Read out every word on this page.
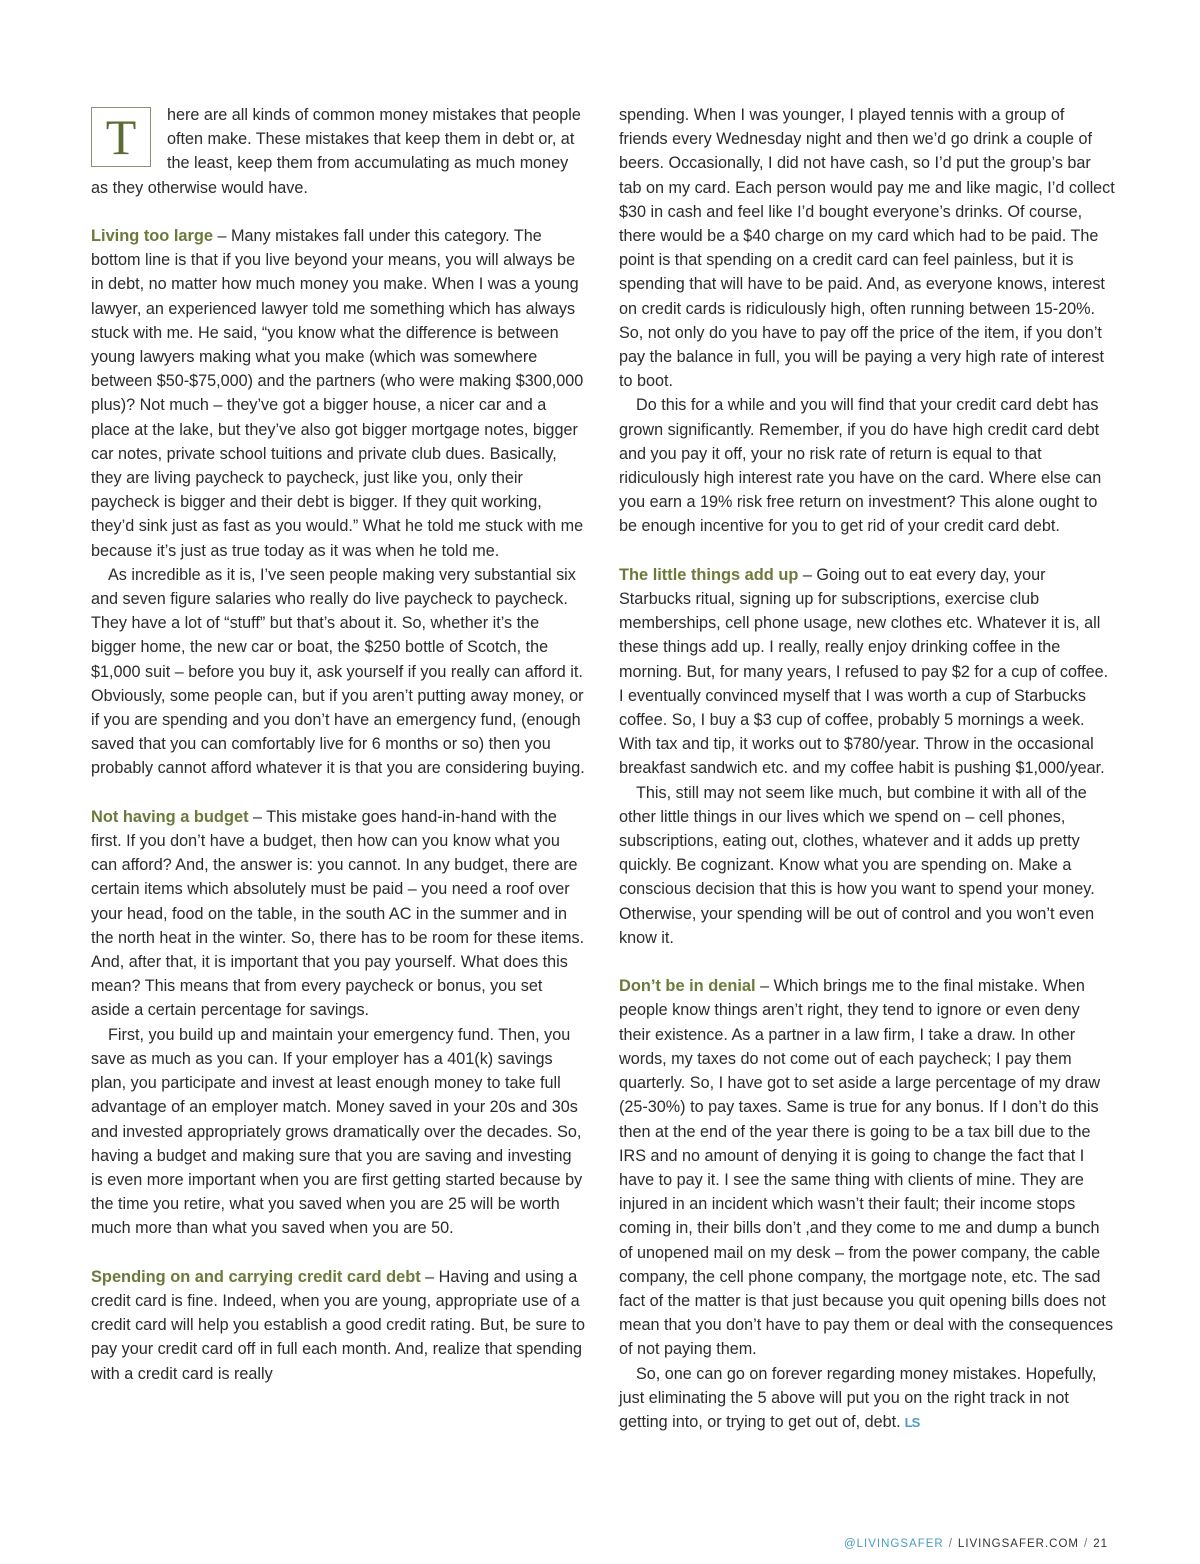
T here are all kinds of common money mistakes that people often make. These mistakes that keep them in debt or, at the least, keep them from accumulating as much money as they otherwise would have.

Living too large – Many mistakes fall under this category. The bottom line is that if you live beyond your means, you will always be in debt, no matter how much money you make. When I was a young lawyer, an experienced lawyer told me something which has always stuck with me. He said, “you know what the difference is between young lawyers making what you make (which was somewhere between $50-$75,000) and the partners (who were making $300,000 plus)? Not much – they’ve got a bigger house, a nicer car and a place at the lake, but they’ve also got bigger mortgage notes, bigger car notes, private school tuitions and private club dues. Basically, they are living paycheck to paycheck, just like you, only their paycheck is bigger and their debt is bigger. If they quit working, they’d sink just as fast as you would.” What he told me stuck with me because it’s just as true today as it was when he told me.

As incredible as it is, I’ve seen people making very substantial six and seven figure salaries who really do live paycheck to paycheck. They have a lot of “stuff” but that’s about it. So, whether it’s the bigger home, the new car or boat, the $250 bottle of Scotch, the $1,000 suit – before you buy it, ask yourself if you really can afford it. Obviously, some people can, but if you aren’t putting away money, or if you are spending and you don’t have an emergency fund, (enough saved that you can comfortably live for 6 months or so) then you probably cannot afford whatever it is that you are considering buying.

Not having a budget – This mistake goes hand-in-hand with the first. If you don’t have a budget, then how can you know what you can afford? And, the answer is: you cannot. In any budget, there are certain items which absolutely must be paid – you need a roof over your head, food on the table, in the south AC in the summer and in the north heat in the winter. So, there has to be room for these items. And, after that, it is important that you pay yourself. What does this mean? This means that from every paycheck or bonus, you set aside a certain percentage for savings.

First, you build up and maintain your emergency fund. Then, you save as much as you can. If your employer has a 401(k) savings plan, you participate and invest at least enough money to take full advantage of an employer match. Money saved in your 20s and 30s and invested appropriately grows dramatically over the decades. So, having a budget and making sure that you are saving and investing is even more important when you are first getting started because by the time you retire, what you saved when you are 25 will be worth much more than what you saved when you are 50.

Spending on and carrying credit card debt – Having and using a credit card is fine. Indeed, when you are young, appropriate use of a credit card will help you establish a good credit rating. But, be sure to pay your credit card off in full each month. And, realize that spending with a credit card is really

spending. When I was younger, I played tennis with a group of friends every Wednesday night and then we’d go drink a couple of beers. Occasionally, I did not have cash, so I’d put the group’s bar tab on my card. Each person would pay me and like magic, I’d collect $30 in cash and feel like I’d bought everyone’s drinks. Of course, there would be a $40 charge on my card which had to be paid. The point is that spending on a credit card can feel painless, but it is spending that will have to be paid. And, as everyone knows, interest on credit cards is ridiculously high, often running between 15-20%. So, not only do you have to pay off the price of the item, if you don’t pay the balance in full, you will be paying a very high rate of interest to boot.

Do this for a while and you will find that your credit card debt has grown significantly. Remember, if you do have high credit card debt and you pay it off, your no risk rate of return is equal to that ridiculously high interest rate you have on the card. Where else can you earn a 19% risk free return on investment? This alone ought to be enough incentive for you to get rid of your credit card debt.

The little things add up – Going out to eat every day, your Starbucks ritual, signing up for subscriptions, exercise club memberships, cell phone usage, new clothes etc. Whatever it is, all these things add up. I really, really enjoy drinking coffee in the morning. But, for many years, I refused to pay $2 for a cup of coffee. I eventually convinced myself that I was worth a cup of Starbucks coffee. So, I buy a $3 cup of coffee, probably 5 mornings a week. With tax and tip, it works out to $780/year. Throw in the occasional breakfast sandwich etc. and my coffee habit is pushing $1,000/year.

This, still may not seem like much, but combine it with all of the other little things in our lives which we spend on – cell phones, subscriptions, eating out, clothes, whatever and it adds up pretty quickly. Be cognizant. Know what you are spending on. Make a conscious decision that this is how you want to spend your money. Otherwise, your spending will be out of control and you won’t even know it.

Don’t be in denial – Which brings me to the final mistake. When people know things aren’t right, they tend to ignore or even deny their existence. As a partner in a law firm, I take a draw. In other words, my taxes do not come out of each paycheck; I pay them quarterly. So, I have got to set aside a large percentage of my draw (25-30%) to pay taxes. Same is true for any bonus. If I don’t do this then at the end of the year there is going to be a tax bill due to the IRS and no amount of denying it is going to change the fact that I have to pay it. I see the same thing with clients of mine. They are injured in an incident which wasn’t their fault; their income stops coming in, their bills don’t ,and they come to me and dump a bunch of unopened mail on my desk – from the power company, the cable company, the cell phone company, the mortgage note, etc. The sad fact of the matter is that just because you quit opening bills does not mean that you don’t have to pay them or deal with the consequences of not paying them.

So, one can go on forever regarding money mistakes. Hopefully, just eliminating the 5 above will put you on the right track in not getting into, or trying to get out of, debt. LS

@LIVINGSAFER / LIVINGSAFER.COM / 21
